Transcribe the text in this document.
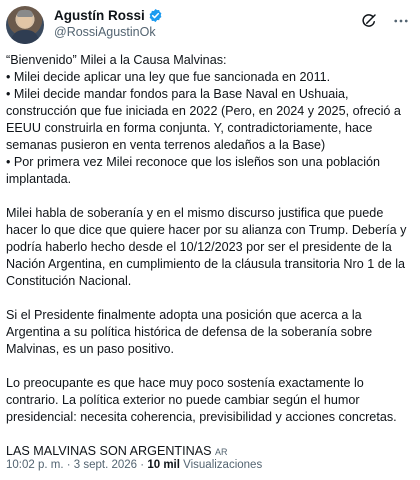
Agustín Rossi
@RossiAgustinOk

“Bienvenido” Milei a la Causa Malvinas:
• Milei decide aplicar una ley que fue sancionada en 2011.
• Milei decide mandar fondos para la Base Naval en Ushuaia, construcción que fue iniciada en 2022 (Pero, en 2024 y 2025, ofreció a EEUU construirla en forma conjunta. Y, contradictoriamente, hace semanas pusieron en venta terrenos aledaños a la Base)
• Por primera vez Milei reconoce que los isleños son una población implantada.

Milei habla de soberanía y en el mismo discurso justifica que puede hacer lo que dice que quiere hacer por su alianza con Trump. Debería y podría haberlo hecho desde el 10/12/2023 por ser el presidente de la Nación Argentina, en cumplimiento de la cláusula transitoria Nro 1 de la Constitución Nacional.

Si el Presidente finalmente adopta una posición que acerca a la Argentina a su política histórica de defensa de la soberanía sobre Malvinas, es un paso positivo.

Lo preocupante es que hace muy poco sostenía exactamente lo contrario. La política exterior no puede cambiar según el humor presidencial: necesita coherencia, previsibilidad y acciones concretas.

LAS MALVINAS SON ARGENTINAS AR

10:02 p. m. · 3 sept. 2026 · 10 mil Visualizaciones
